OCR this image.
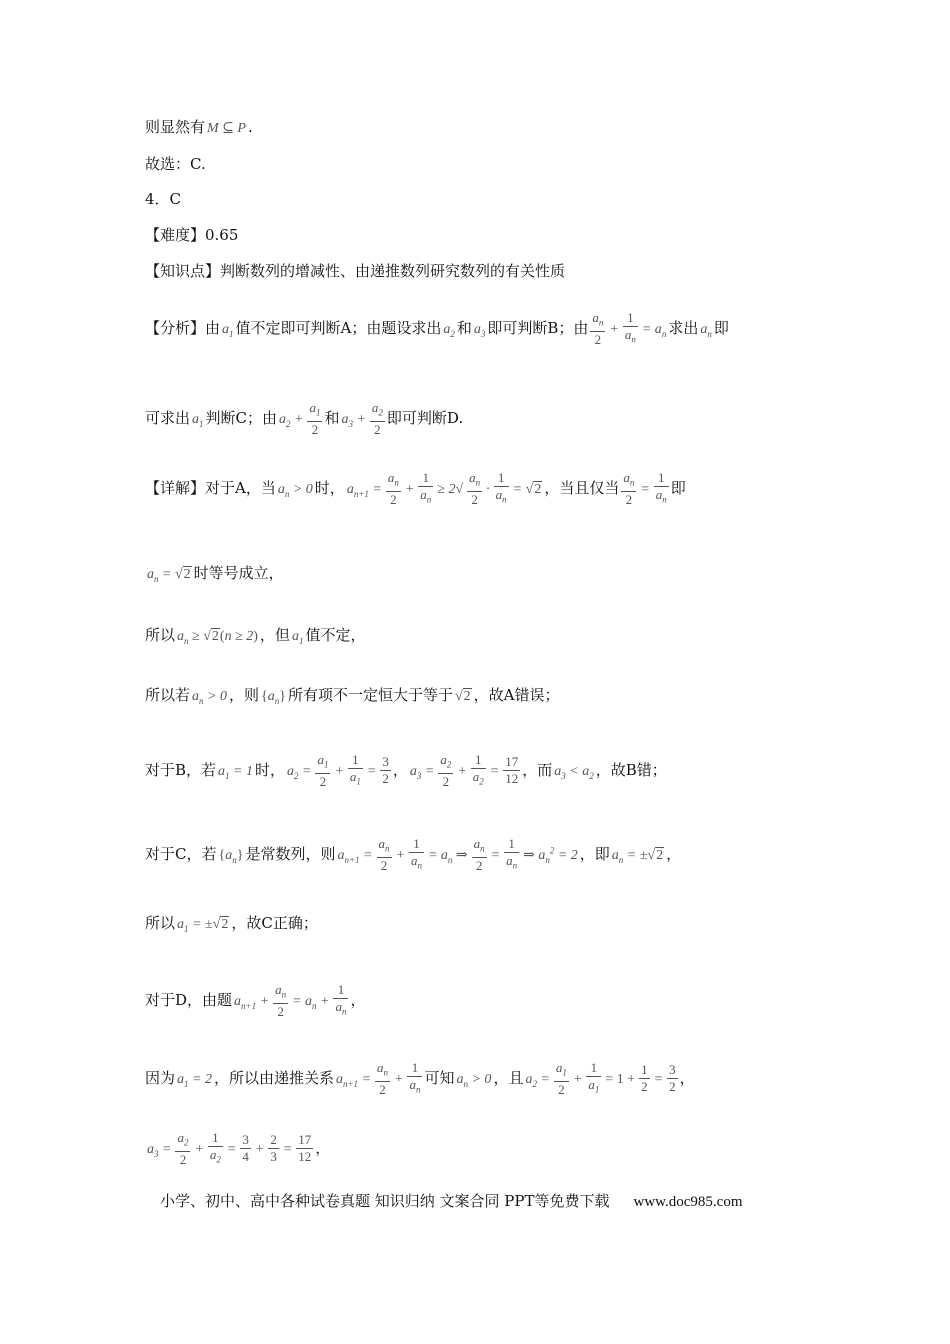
则显然有 M ⊆ P .
故选：C.
4．C
【难度】0.65
【知识点】判断数列的增减性、由递推数列研究数列的有关性质
【分析】由 $a_1$ 值不定即可判断A；由题设求出 $a_2$ 和 $a_3$ 即可判断B；由 $\frac{a_n}{2} + \frac{1}{a_n} = a_n$ 求出 $a_n$ 即
可求出 $a_1$ 判断C；由 $a_2 + \frac{a_1}{2}$ 和 $a_3 + \frac{a_2}{2}$ 即可判断D.
【详解】对于A，当 $a_n > 0$ 时， $a_{n+1} = \frac{a_n}{2} + \frac{1}{a_n} \ge 2√ \frac{a_n}{2} \cdot \frac{1}{a_n} = √2$ ，当且仅当 $\frac{a_n}{2} = \frac{1}{a_n}$ 即
$a_n = √2$ 时等号成立，
所以 $a_n \ge √2(n \ge 2)$ ，但 $a_1$ 值不定，
所以若 $a_n > 0$ ，则 $\{a_n\}$ 所有项不一定恒大于等于 √2 ，故A错误；
对于B，若 $a_1 = 1$ 时， $a_2 = \frac{a_1}{2} + \frac{1}{a_1} = \frac{3}{2}$ ， $a_3 = \frac{a_2}{2} + \frac{1}{a_2} = \frac{17}{12}$ ，而 $a_3 < a_2$ ，故B错；
对于C，若 $\{a_n\}$ 是常数列，则 $a_{n+1} = \frac{a_n}{2} + \frac{1}{a_n} = a_n$ ⇒ $\frac{a_n}{2} = \frac{1}{a_n}$ ⇒ $a_n^2 = 2$ ，即 $a_n = \pm√2$ ，
所以 $a_1 = \pm√2$ ，故C正确；
对于D，由题 $a_{n+1} + \frac{a_n}{2} = a_n + \frac{1}{a_n}$ ，
因为 $a_1 = 2$ ，所以由递推关系 $a_{n+1} = \frac{a_n}{2} + \frac{1}{a_n}$ 可知 $a_n > 0$ ，且 $a_2 = \frac{a_1}{2} + \frac{1}{a_1} = 1 + \frac{1}{2} = \frac{3}{2}$ ，
$a_3 = \frac{a_2}{2} + \frac{1}{a_2} = \frac{3}{4} + \frac{2}{3} = \frac{17}{12}$ ，
小学、初中、高中各种试卷真题 知识归纳 文案合同 PPT等免费下载 www.doc985.com
